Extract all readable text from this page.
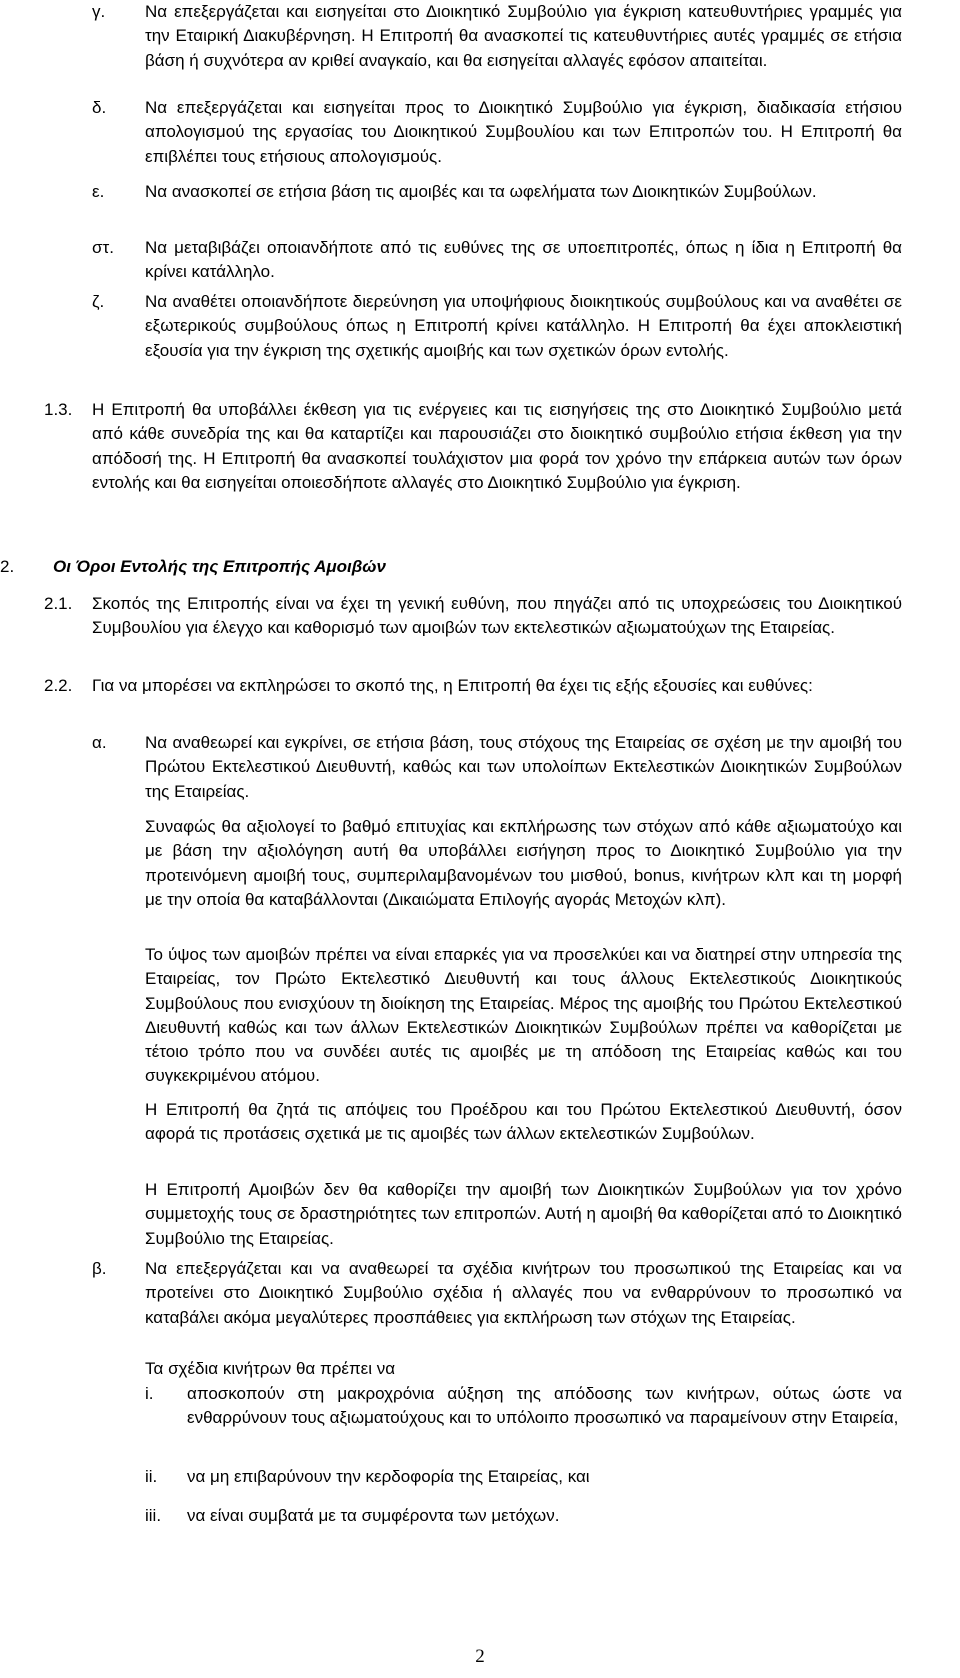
γ. Να επεξεργάζεται και εισηγείται στο Διοικητικό Συμβούλιο για έγκριση κατευθυντήριες γραμμές για την Εταιρική Διακυβέρνηση. Η Επιτροπή θα ανασκοπεί τις κατευθυντήριες αυτές γραμμές σε ετήσια βάση ή συχνότερα αν κριθεί αναγκαίο, και θα εισηγείται αλλαγές εφόσον απαιτείται.
δ. Να επεξεργάζεται και εισηγείται προς το Διοικητικό Συμβούλιο για έγκριση, διαδικασία ετήσιου απολογισμού της εργασίας του Διοικητικού Συμβουλίου και των Επιτροπών του. Η Επιτροπή θα επιβλέπει τους ετήσιους απολογισμούς.
ε. Να ανασκοπεί σε ετήσια βάση τις αμοιβές και τα ωφελήματα των Διοικητικών Συμβούλων.
στ. Να μεταβιβάζει οποιανδήποτε από τις ευθύνες της σε υποεπιτροπές, όπως η ίδια η Επιτροπή θα κρίνει κατάλληλο.
ζ. Να αναθέτει οποιανδήποτε διερεύνηση για υποψήφιους διοικητικούς συμβούλους και να αναθέτει σε εξωτερικούς συμβούλους όπως η Επιτροπή κρίνει κατάλληλο. Η Επιτροπή θα έχει αποκλειστική εξουσία για την έγκριση της σχετικής αμοιβής και των σχετικών όρων εντολής.
1.3. Η Επιτροπή θα υποβάλλει έκθεση για τις ενέργειες και τις εισηγήσεις της στο Διοικητικό Συμβούλιο μετά από κάθε συνεδρία της και θα καταρτίζει και παρουσιάζει στο διοικητικό συμβούλιο ετήσια έκθεση για την απόδοσή της. Η Επιτροπή θα ανασκοπεί τουλάχιστον μια φορά τον χρόνο την επάρκεια αυτών των όρων εντολής και θα εισηγείται οποιεσδήποτε αλλαγές στο Διοικητικό Συμβούλιο για έγκριση.
2. Οι Όροι Εντολής της Επιτροπής Αμοιβών
2.1. Σκοπός της Επιτροπής είναι να έχει τη γενική ευθύνη, που πηγάζει από τις υποχρεώσεις του Διοικητικού Συμβουλίου για έλεγχο και καθορισμό των αμοιβών των εκτελεστικών αξιωματούχων της Εταιρείας.
2.2. Για να μπορέσει να εκπληρώσει το σκοπό της, η Επιτροπή θα έχει τις εξής εξουσίες και ευθύνες:
α. Να αναθεωρεί και εγκρίνει, σε ετήσια βάση, τους στόχους της Εταιρείας σε σχέση με την αμοιβή του Πρώτου Εκτελεστικού Διευθυντή, καθώς και των υπολοίπων Εκτελεστικών Διοικητικών Συμβούλων της Εταιρείας.
Συναφώς θα αξιολογεί το βαθμό επιτυχίας και εκπλήρωσης των στόχων από κάθε αξιωματούχο και με βάση την αξιολόγηση αυτή θα υποβάλλει εισήγηση προς το Διοικητικό Συμβούλιο για την προτεινόμενη αμοιβή τους, συμπεριλαμβανομένων του μισθού, bonus, κινήτρων κλπ και τη μορφή με την οποία θα καταβάλλονται (Δικαιώματα Επιλογής αγοράς Μετοχών κλπ).
Το ύψος των αμοιβών πρέπει να είναι επαρκές για να προσελκύει και να διατηρεί στην υπηρεσία της Εταιρείας, τον Πρώτο Εκτελεστικό Διευθυντή και τους άλλους Εκτελεστικούς Διοικητικούς Συμβούλους που ενισχύουν τη διοίκηση της Εταιρείας. Μέρος της αμοιβής του Πρώτου Εκτελεστικού Διευθυντή καθώς και των άλλων Εκτελεστικών Διοικητικών Συμβούλων πρέπει να καθορίζεται με τέτοιο τρόπο που να συνδέει αυτές τις αμοιβές με τη απόδοση της Εταιρείας καθώς και του συγκεκριμένου ατόμου.
Η Επιτροπή θα ζητά τις απόψεις του Προέδρου και του Πρώτου Εκτελεστικού Διευθυντή, όσον αφορά τις προτάσεις σχετικά με τις αμοιβές των άλλων εκτελεστικών Συμβούλων.
Η Επιτροπή Αμοιβών δεν θα καθορίζει την αμοιβή των Διοικητικών Συμβούλων για τον χρόνο συμμετοχής τους σε δραστηριότητες των επιτροπών. Αυτή η αμοιβή θα καθορίζεται από το Διοικητικό Συμβούλιο της Εταιρείας.
β. Να επεξεργάζεται και να αναθεωρεί τα σχέδια κινήτρων του προσωπικού της Εταιρείας και να προτείνει στο Διοικητικό Συμβούλιο σχέδια ή αλλαγές που να ενθαρρύνουν το προσωπικό να καταβάλει ακόμα μεγαλύτερες προσπάθειες για εκπλήρωση των στόχων της Εταιρείας.
Τα σχέδια κινήτρων θα πρέπει να
i. αποσκοπούν στη μακροχρόνια αύξηση της απόδοσης των κινήτρων, ούτως ώστε να ενθαρρύνουν τους αξιωματούχους και το υπόλοιπο προσωπικό να παραμείνουν στην Εταιρεία,
ii. να μη επιβαρύνουν την κερδοφορία της Εταιρείας, και
iii. να είναι συμβατά με τα συμφέροντα των μετόχων.
2
